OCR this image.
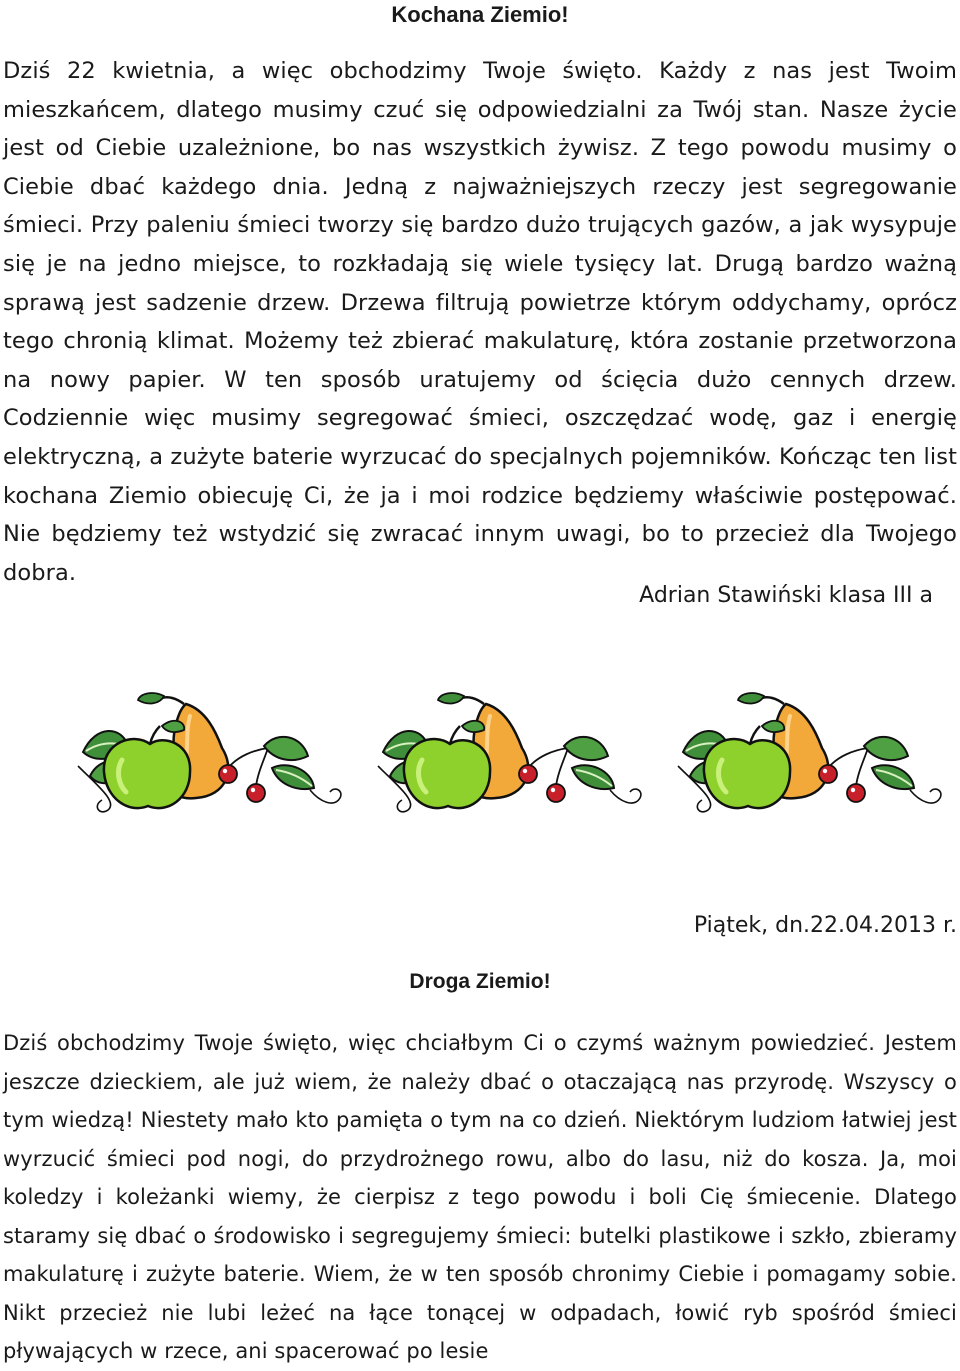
Kochana Ziemio!

Dziś 22 kwietnia, a więc obchodzimy Twoje święto. Każdy z nas jest Twoim mieszkańcem, dlatego musimy czuć się odpowiedzialni za Twój stan. Nasze życie jest od Ciebie uzależnione, bo nas wszystkich żywisz. Z tego powodu musimy o Ciebie dbać każdego dnia. Jedną z najważniejszych rzeczy jest segregowanie śmieci. Przy paleniu śmieci tworzy się bardzo dużo trujących gazów, a jak wysypuje się je na jedno miejsce, to rozkładają się wiele tysięcy lat. Drugą bardzo ważną sprawą jest sadzenie drzew. Drzewa filtrują powietrze którym oddychamy, oprócz tego chronią klimat. Możemy też zbierać makulaturę, która zostanie przetworzona na nowy papier. W ten sposób uratujemy od ścięcia dużo cennych drzew. Codziennie więc musimy segregować śmieci, oszczędzać wodę, gaz i energię elektryczną, a zużyte baterie wyrzucać do specjalnych pojemników. Kończąc ten list kochana Ziemio obiecuję Ci, że ja i moi rodzice będziemy właściwie postępować. Nie będziemy też wstydzić się zwracać innym uwagi, bo to przecież dla Twojego dobra.

Adrian Stawiński klasa III a

Piątek, dn.22.04.2013 r.

Droga Ziemio!

Dziś obchodzimy Twoje święto, więc chciałbym Ci o czymś ważnym powiedzieć. Jestem jeszcze dzieckiem, ale już wiem, że należy dbać o otaczającą nas przyrodę. Wszyscy o tym wiedzą! Niestety mało kto pamięta o tym na co dzień. Niektórym ludziom łatwiej jest wyrzucić śmieci pod nogi, do przydrożnego rowu, albo do lasu, niż do kosza. Ja, moi koledzy i koleżanki wiemy, że cierpisz z tego powodu i boli Cię śmiecenie. Dlatego staramy się dbać o środowisko i segregujemy śmieci: butelki plastikowe i szkło, zbieramy makulaturę i zużyte baterie. Wiem, że w ten sposób chronimy Ciebie i pomagamy sobie. Nikt przecież nie lubi leżeć na łące tonącej w odpadach, łowić ryb spośród śmieci pływających w rzece, ani spacerować po lesie
